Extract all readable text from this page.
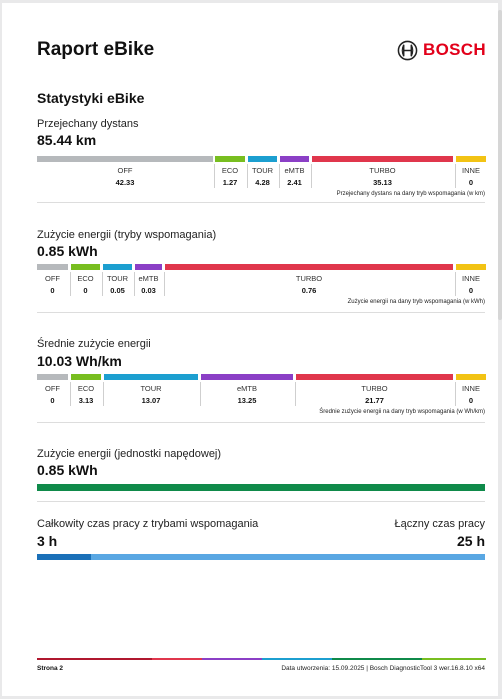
Raport eBike	BOSCH
Statystyki eBike
Przejechany dystans
85.44 km
Zużycie energii (tryby wspomagania)
0.85 kWh
Średnie zużycie energii
10.03 Wh/km
Zużycie energii (jednostki napędowej)
0.85 kWh
Całkowity czas pracy z trybami wspomagania
3 h
Łączny czas pracy
25 h
Strona 2	Data utworzenia: 15.09.2025 | Bosch DiagnosticTool 3 wer.16.8.10 x64
OFF
42.33
ECO
1.27
TOUR
4.28
eMTB
2.41
TURBO
35.13
INNE
0
Przejechany dystans na dany tryb wspomagania (w km)
OFF
0
ECO
0
TOUR
0.05
eMTB
0.03
TURBO
0.76
INNE
0
Zużycie energii na dany tryb wspomagania (w kWh)
OFF
0
ECO
3.13
TOUR
13.07
eMTB
13.25
TURBO
21.77
INNE
0
Średnie zużycie energii na dany tryb wspomagania (w Wh/km)
